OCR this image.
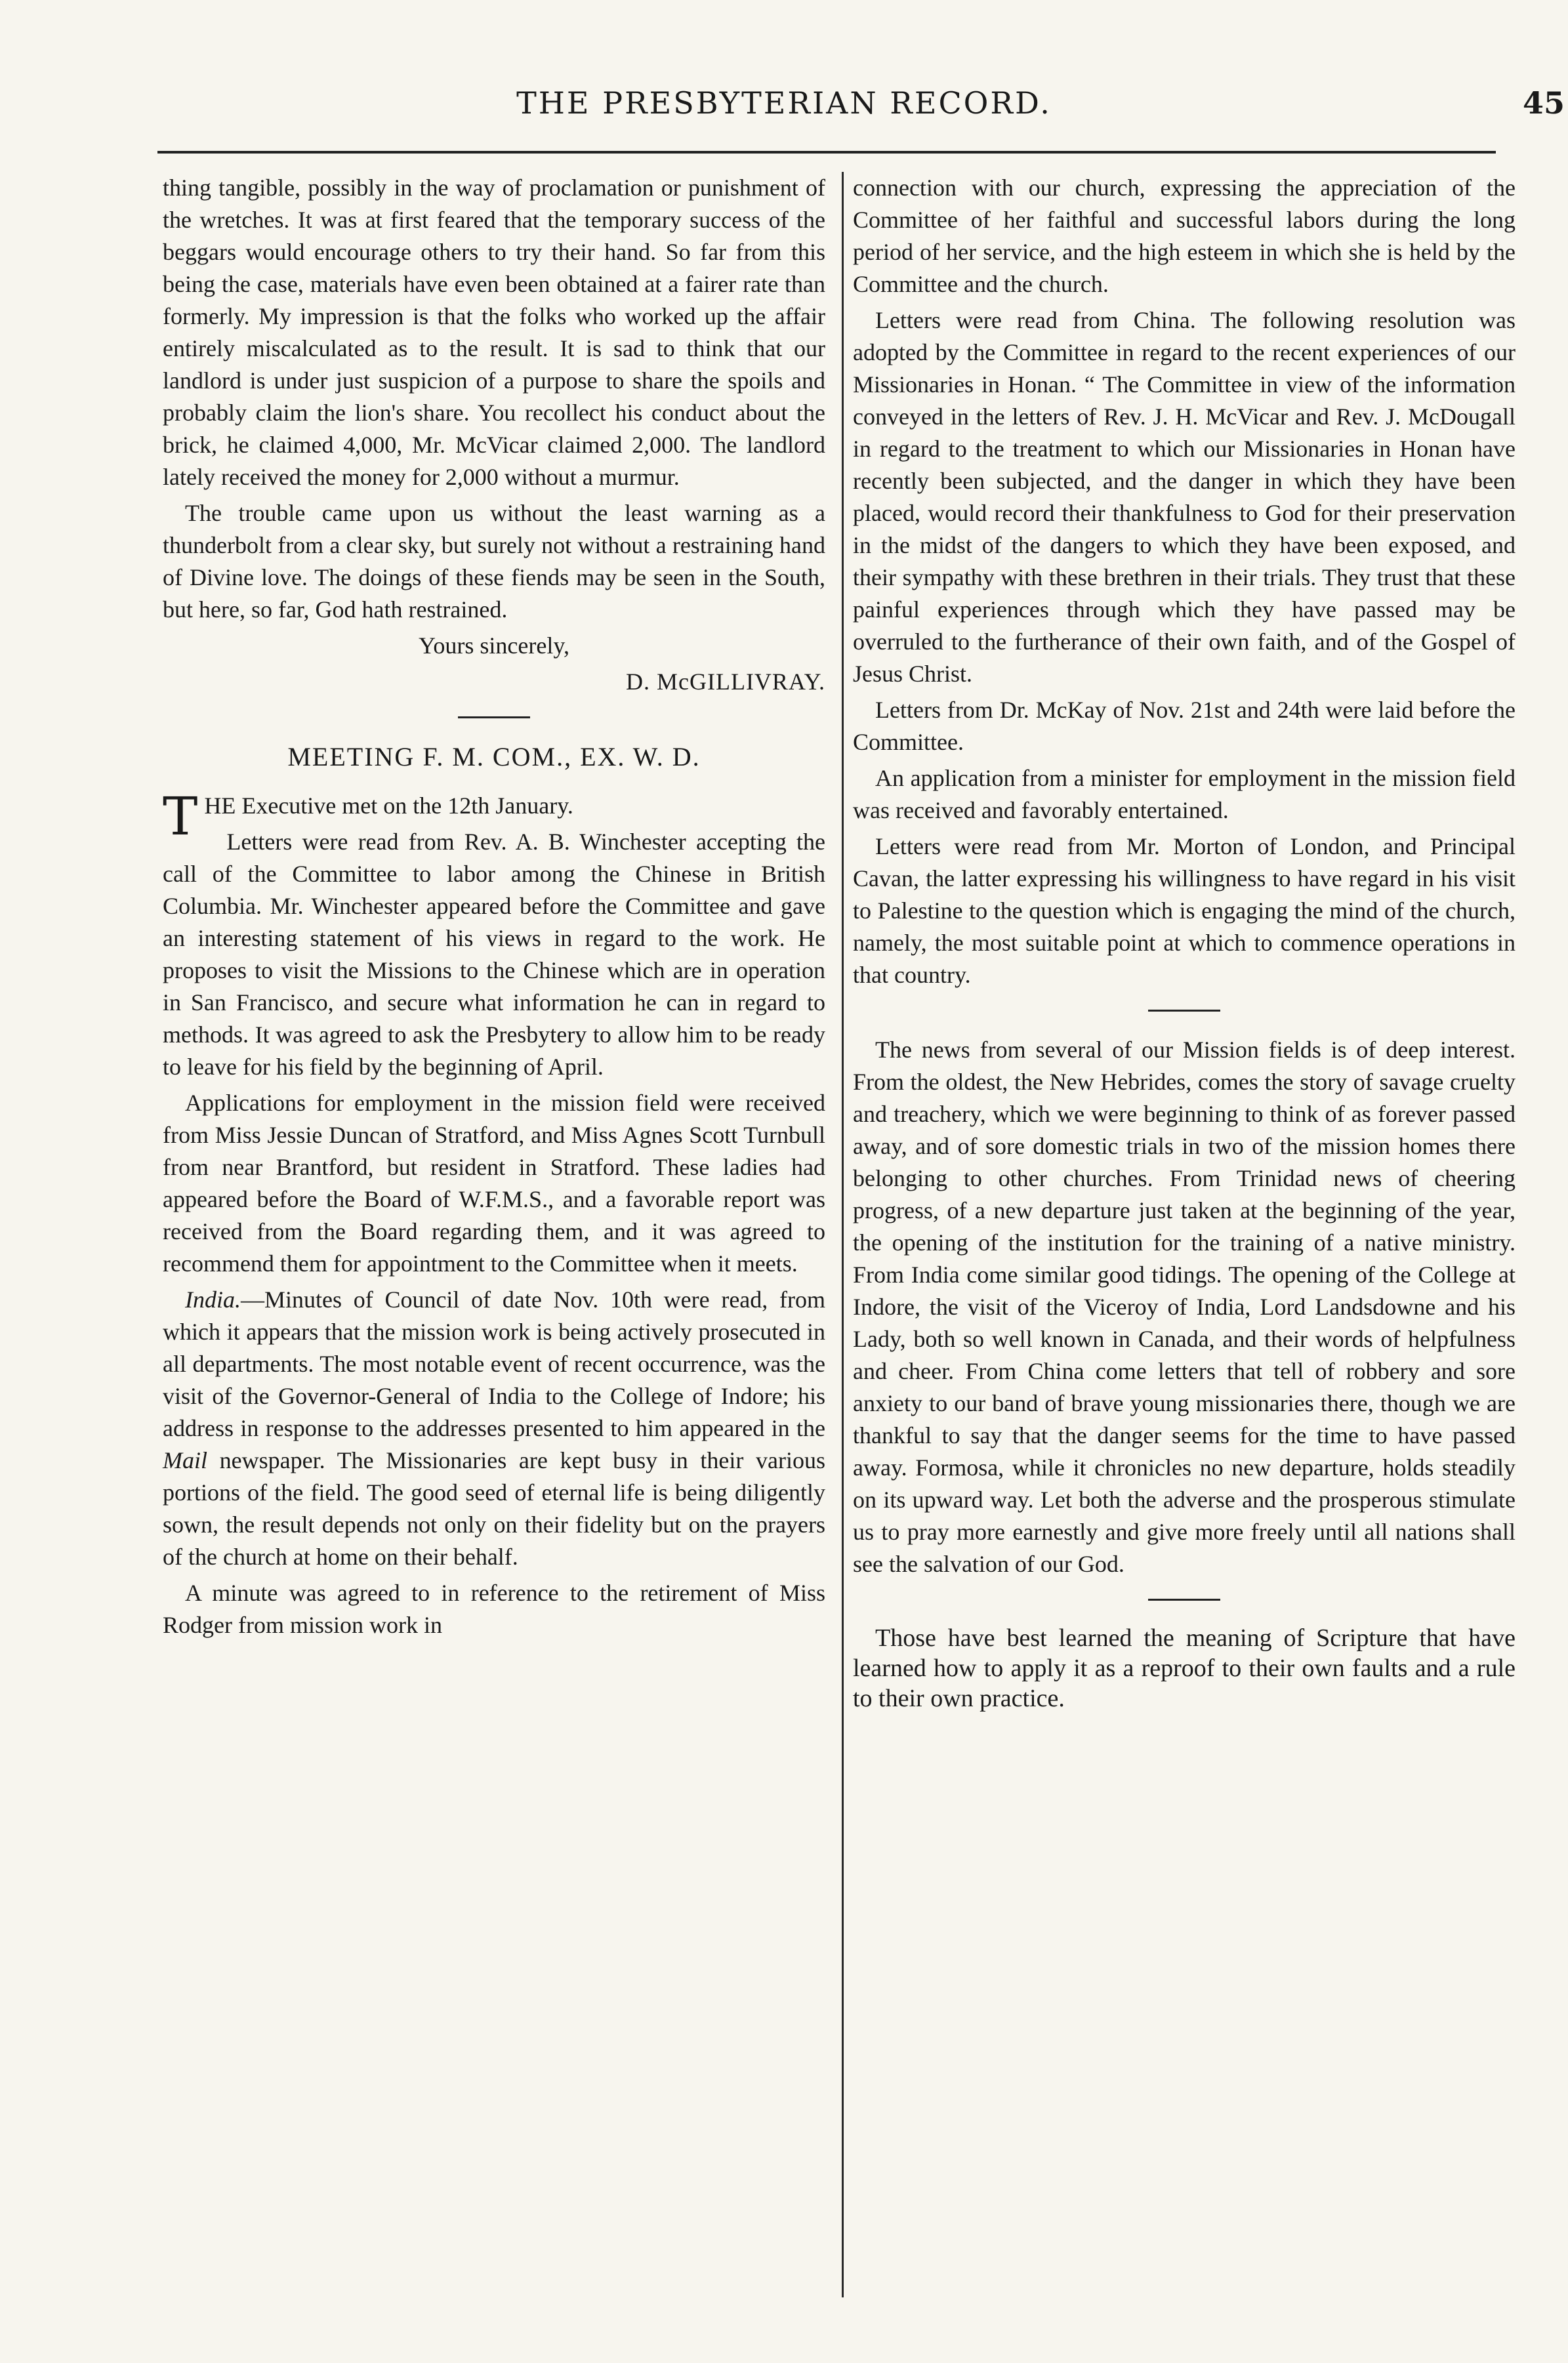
THE PRESBYTERIAN RECORD.	45

thing tangible, possibly in the way of proclamation or punishment of the wretches. It was at first feared that the temporary success of the beggars would encourage others to try their hand. So far from this being the case, materials have even been obtained at a fairer rate than formerly. My impression is that the folks who worked up the affair entirely miscalculated as to the result. It is sad to think that our landlord is under just suspicion of a purpose to share the spoils and probably claim the lion's share. You recollect his conduct about the brick, he claimed 4,000, Mr. McVicar claimed 2,000. The landlord lately received the money for 2,000 without a murmur.

The trouble came upon us without the least warning as a thunderbolt from a clear sky, but surely not without a restraining hand of Divine love. The doings of these fiends may be seen in the South, but here, so far, God hath restrained.

Yours sincerely,

D. McGILLIVRAY.

MEETING F. M. COM., EX. W. D.

THE Executive met on the 12th January.

Letters were read from Rev. A. B. Winchester accepting the call of the Committee to labor among the Chinese in British Columbia. Mr. Winchester appeared before the Committee and gave an interesting statement of his views in regard to the work. He proposes to visit the Missions to the Chinese which are in operation in San Francisco, and secure what information he can in regard to methods. It was agreed to ask the Presbytery to allow him to be ready to leave for his field by the beginning of April.

Applications for employment in the mission field were received from Miss Jessie Duncan of Stratford, and Miss Agnes Scott Turnbull from near Brantford, but resident in Stratford. These ladies had appeared before the Board of W.F.M.S., and a favorable report was received from the Board regarding them, and it was agreed to recommend them for appointment to the Committee when it meets.

India.—Minutes of Council of date Nov. 10th were read, from which it appears that the mission work is being actively prosecuted in all departments. The most notable event of recent occurrence, was the visit of the Governor-General of India to the College of Indore; his address in response to the addresses presented to him appeared in the Mail newspaper. The Missionaries are kept busy in their various portions of the field. The good seed of eternal life is being diligently sown, the result depends not only on their fidelity but on the prayers of the church at home on their behalf.

A minute was agreed to in reference to the retirement of Miss Rodger from mission work in

connection with our church, expressing the appreciation of the Committee of her faithful and successful labors during the long period of her service, and the high esteem in which she is held by the Committee and the church.

Letters were read from China. The following resolution was adopted by the Committee in regard to the recent experiences of our Missionaries in Honan. “ The Committee in view of the information conveyed in the letters of Rev. J. H. McVicar and Rev. J. McDougall in regard to the treatment to which our Missionaries in Honan have recently been subjected, and the danger in which they have been placed, would record their thankfulness to God for their preservation in the midst of the dangers to which they have been exposed, and their sympathy with these brethren in their trials. They trust that these painful experiences through which they have passed may be overruled to the furtherance of their own faith, and of the Gospel of Jesus Christ.

Letters from Dr. McKay of Nov. 21st and 24th were laid before the Committee.

An application from a minister for employment in the mission field was received and favorably entertained.

Letters were read from Mr. Morton of London, and Principal Cavan, the latter expressing his willingness to have regard in his visit to Palestine to the question which is engaging the mind of the church, namely, the most suitable point at which to commence operations in that country.

The news from several of our Mission fields is of deep interest. From the oldest, the New Hebrides, comes the story of savage cruelty and treachery, which we were beginning to think of as forever passed away, and of sore domestic trials in two of the mission homes there belonging to other churches. From Trinidad news of cheering progress, of a new departure just taken at the beginning of the year, the opening of the institution for the training of a native ministry. From India come similar good tidings. The opening of the College at Indore, the visit of the Viceroy of India, Lord Landsdowne and his Lady, both so well known in Canada, and their words of helpfulness and cheer. From China come letters that tell of robbery and sore anxiety to our band of brave young missionaries there, though we are thankful to say that the danger seems for the time to have passed away. Formosa, while it chronicles no new departure, holds steadily on its upward way. Let both the adverse and the prosperous stimulate us to pray more earnestly and give more freely until all nations shall see the salvation of our God.

Those have best learned the meaning of Scripture that have learned how to apply it as a reproof to their own faults and a rule to their own practice.
